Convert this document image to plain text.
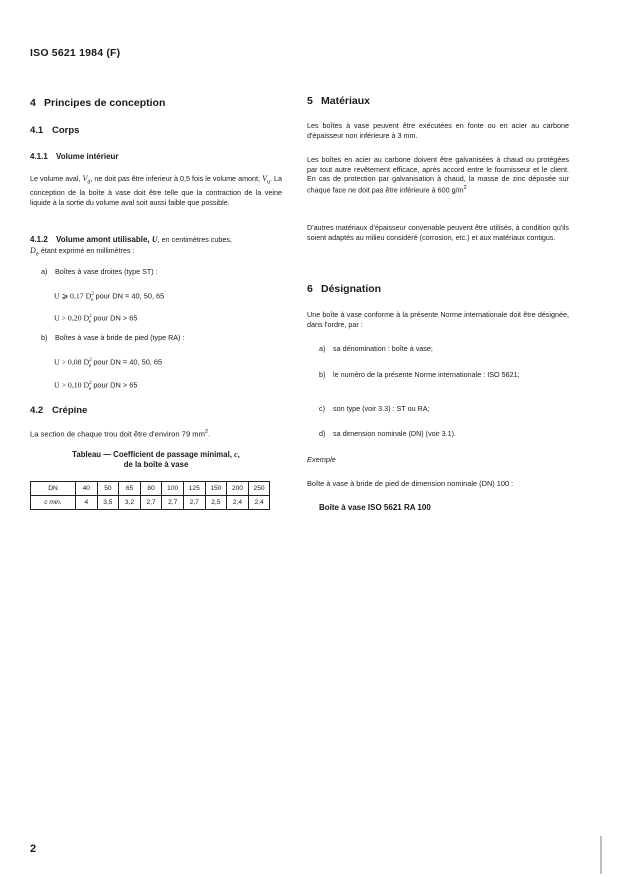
ISO 5621 1984 (F)
4 Principes de conception
4.1 Corps
4.1.1 Volume intérieur
Le volume aval, $V_d$, ne doit pas être inferieur à 0,5 fois le volume amont, $V_u$. La conception de la boîte à vase doit être telle que la contraction de la veine liquide à la sortie du volume aval soit aussi faible que possible.
4.1.2 Volume amont utilisable, U, en centimètres cubes,
$D_e$ étant exprimé en millimètres :
a) Boîtes à vase droites (type ST) :
U ⩾ 0,17 $D^2_e$ pour DN = 40, 50, 65
U > 0,20 $D^2_e$ pour DN > 65
b) Boîtes à vase à bride de pied (type RA) :
U > 0,08 $D^2_e$ pour DN = 40, 50, 65
U > 0,10 $D^2_e$ pour DN > 65
4.2 Crépine
La section de chaque trou doit être d'environ 79 $mm^2$.
Tableau — Coefficient de passage minimal, c,
de la boîte à vase
DN	40	50	65	80	100	125	150	200	250
c min.	4	3,5	3,2	2,7	2,7	2,7	2,5	2,4	2,4
5 Matériaux
Les boîtes à vase peuvent être exécutées en fonte ou en acier au carbone d'épaisseur non inférieure à 3 mm.
Les boîtes en acier au carbone doivent être galvanisées à chaud ou protégées par tout autre revêtement efficace, après accord entre le fournisseur et le client. En cas de protection par galvanisation à chaud, la masse de zinc déposée sur chaque face ne doit pas être inférieure à 600 $g/m^2$
D'autres matériaux d'épaisseur convenable peuvent être utilisés, à condition qu'ils soient adaptés au milieu considéré (corrosion, etc.) et aux matériaux contigus.
6 Désignation
Une boîte à vase conforme à la présente Norme internationale doit être désignée, dans l'ordre, par :
a) sa dénomination : boîte à vase;
b) le numéro de la présente Norme internationale : ISO 5621;
c) son type (voir 3.3) : ST ou RA;
d) sa dimension nominale (DN) (voir 3.1).
Exemple
Boîte à vase à bride de pied de dimension nominale (DN) 100 :
Boîte à vase ISO 5621 RA 100
2
